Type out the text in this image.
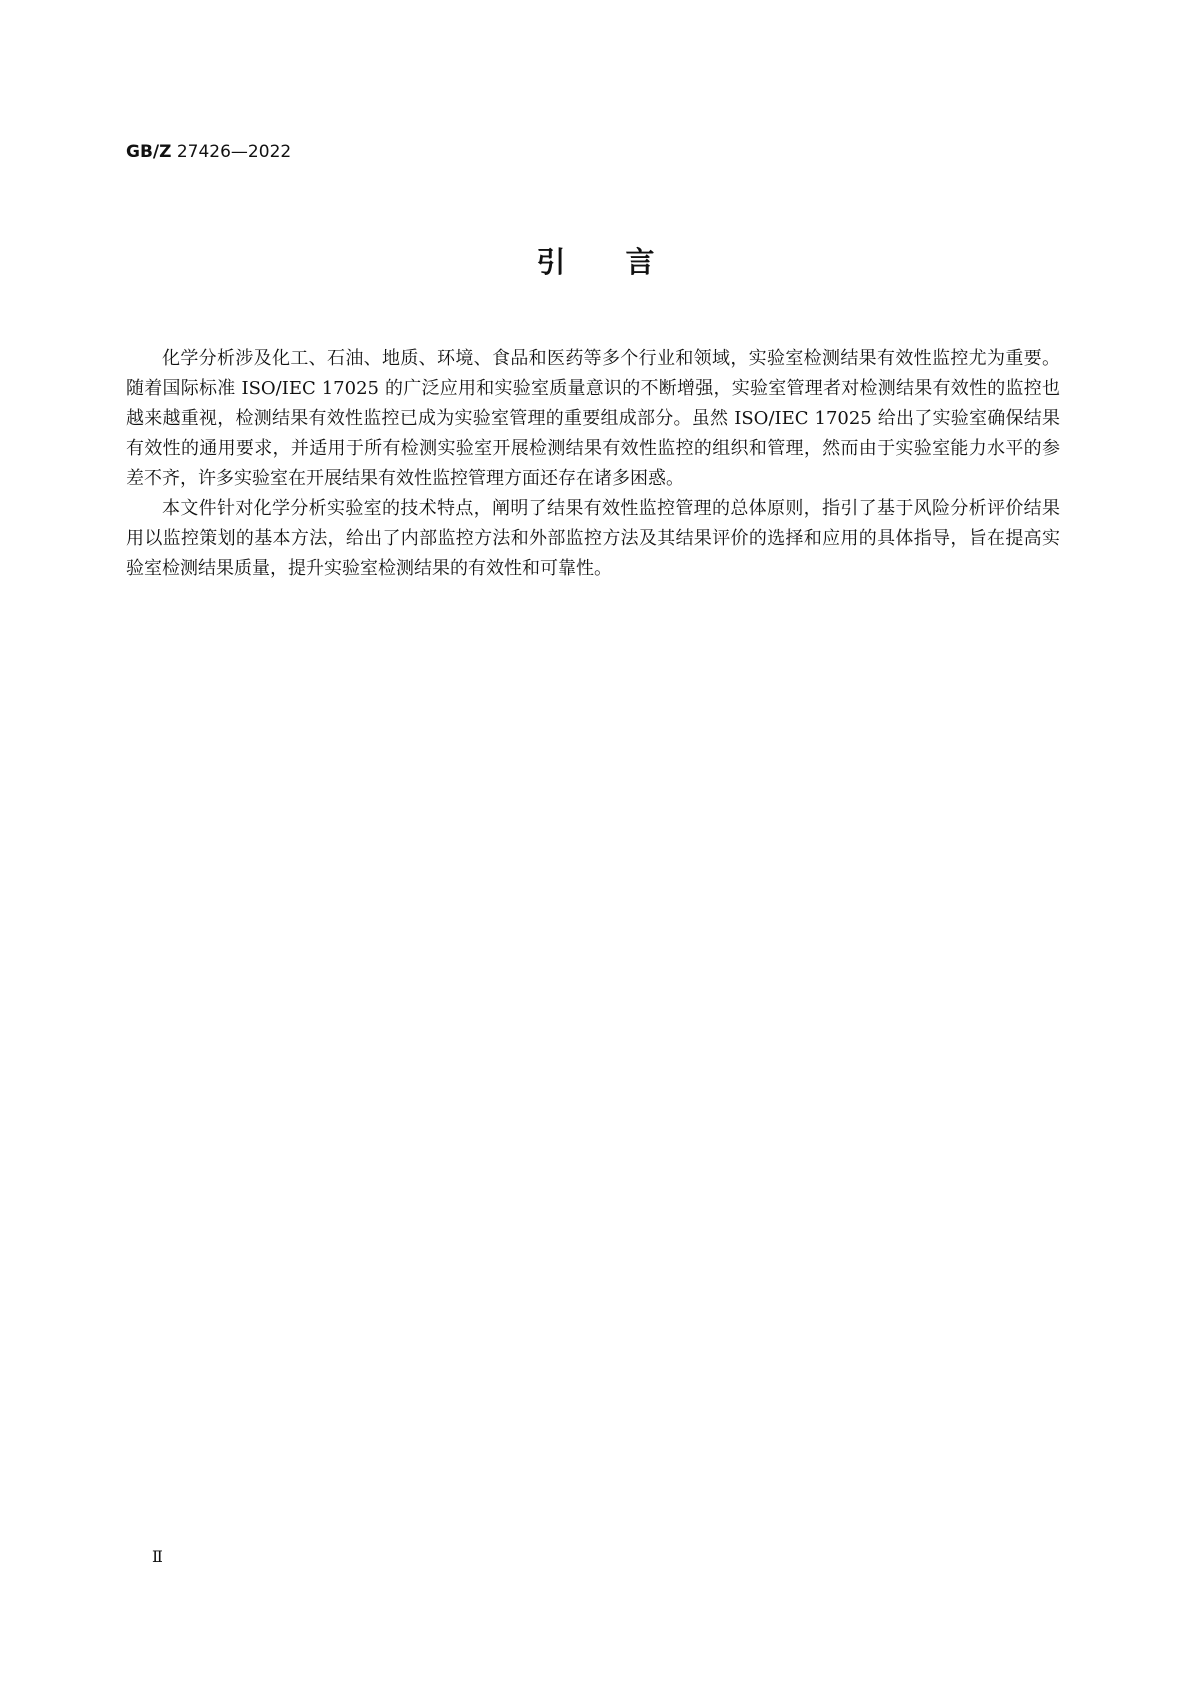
GB/Z 27426—2022
引言

化学分析涉及化工、石油、地质、环境、食品和医药等多个行业和领域，实验室检测结果有效性监控尤为重要。随着国际标准 ISO/IEC 17025 的广泛应用和实验室质量意识的不断增强，实验室管理者对检测结果有效性的监控也越来越重视，检测结果有效性监控已成为实验室管理的重要组成部分。虽然 ISO/IEC 17025 给出了实验室确保结果有效性的通用要求，并适用于所有检测实验室开展检测结果有效性监控的组织和管理，然而由于实验室能力水平的参差不齐，许多实验室在开展结果有效性监控管理方面还存在诸多困惑。

本文件针对化学分析实验室的技术特点，阐明了结果有效性监控管理的总体原则，指引了基于风险分析评价结果用以监控策划的基本方法，给出了内部监控方法和外部监控方法及其结果评价的选择和应用的具体指导，旨在提高实验室检测结果质量，提升实验室检测结果的有效性和可靠性。

Ⅱ
